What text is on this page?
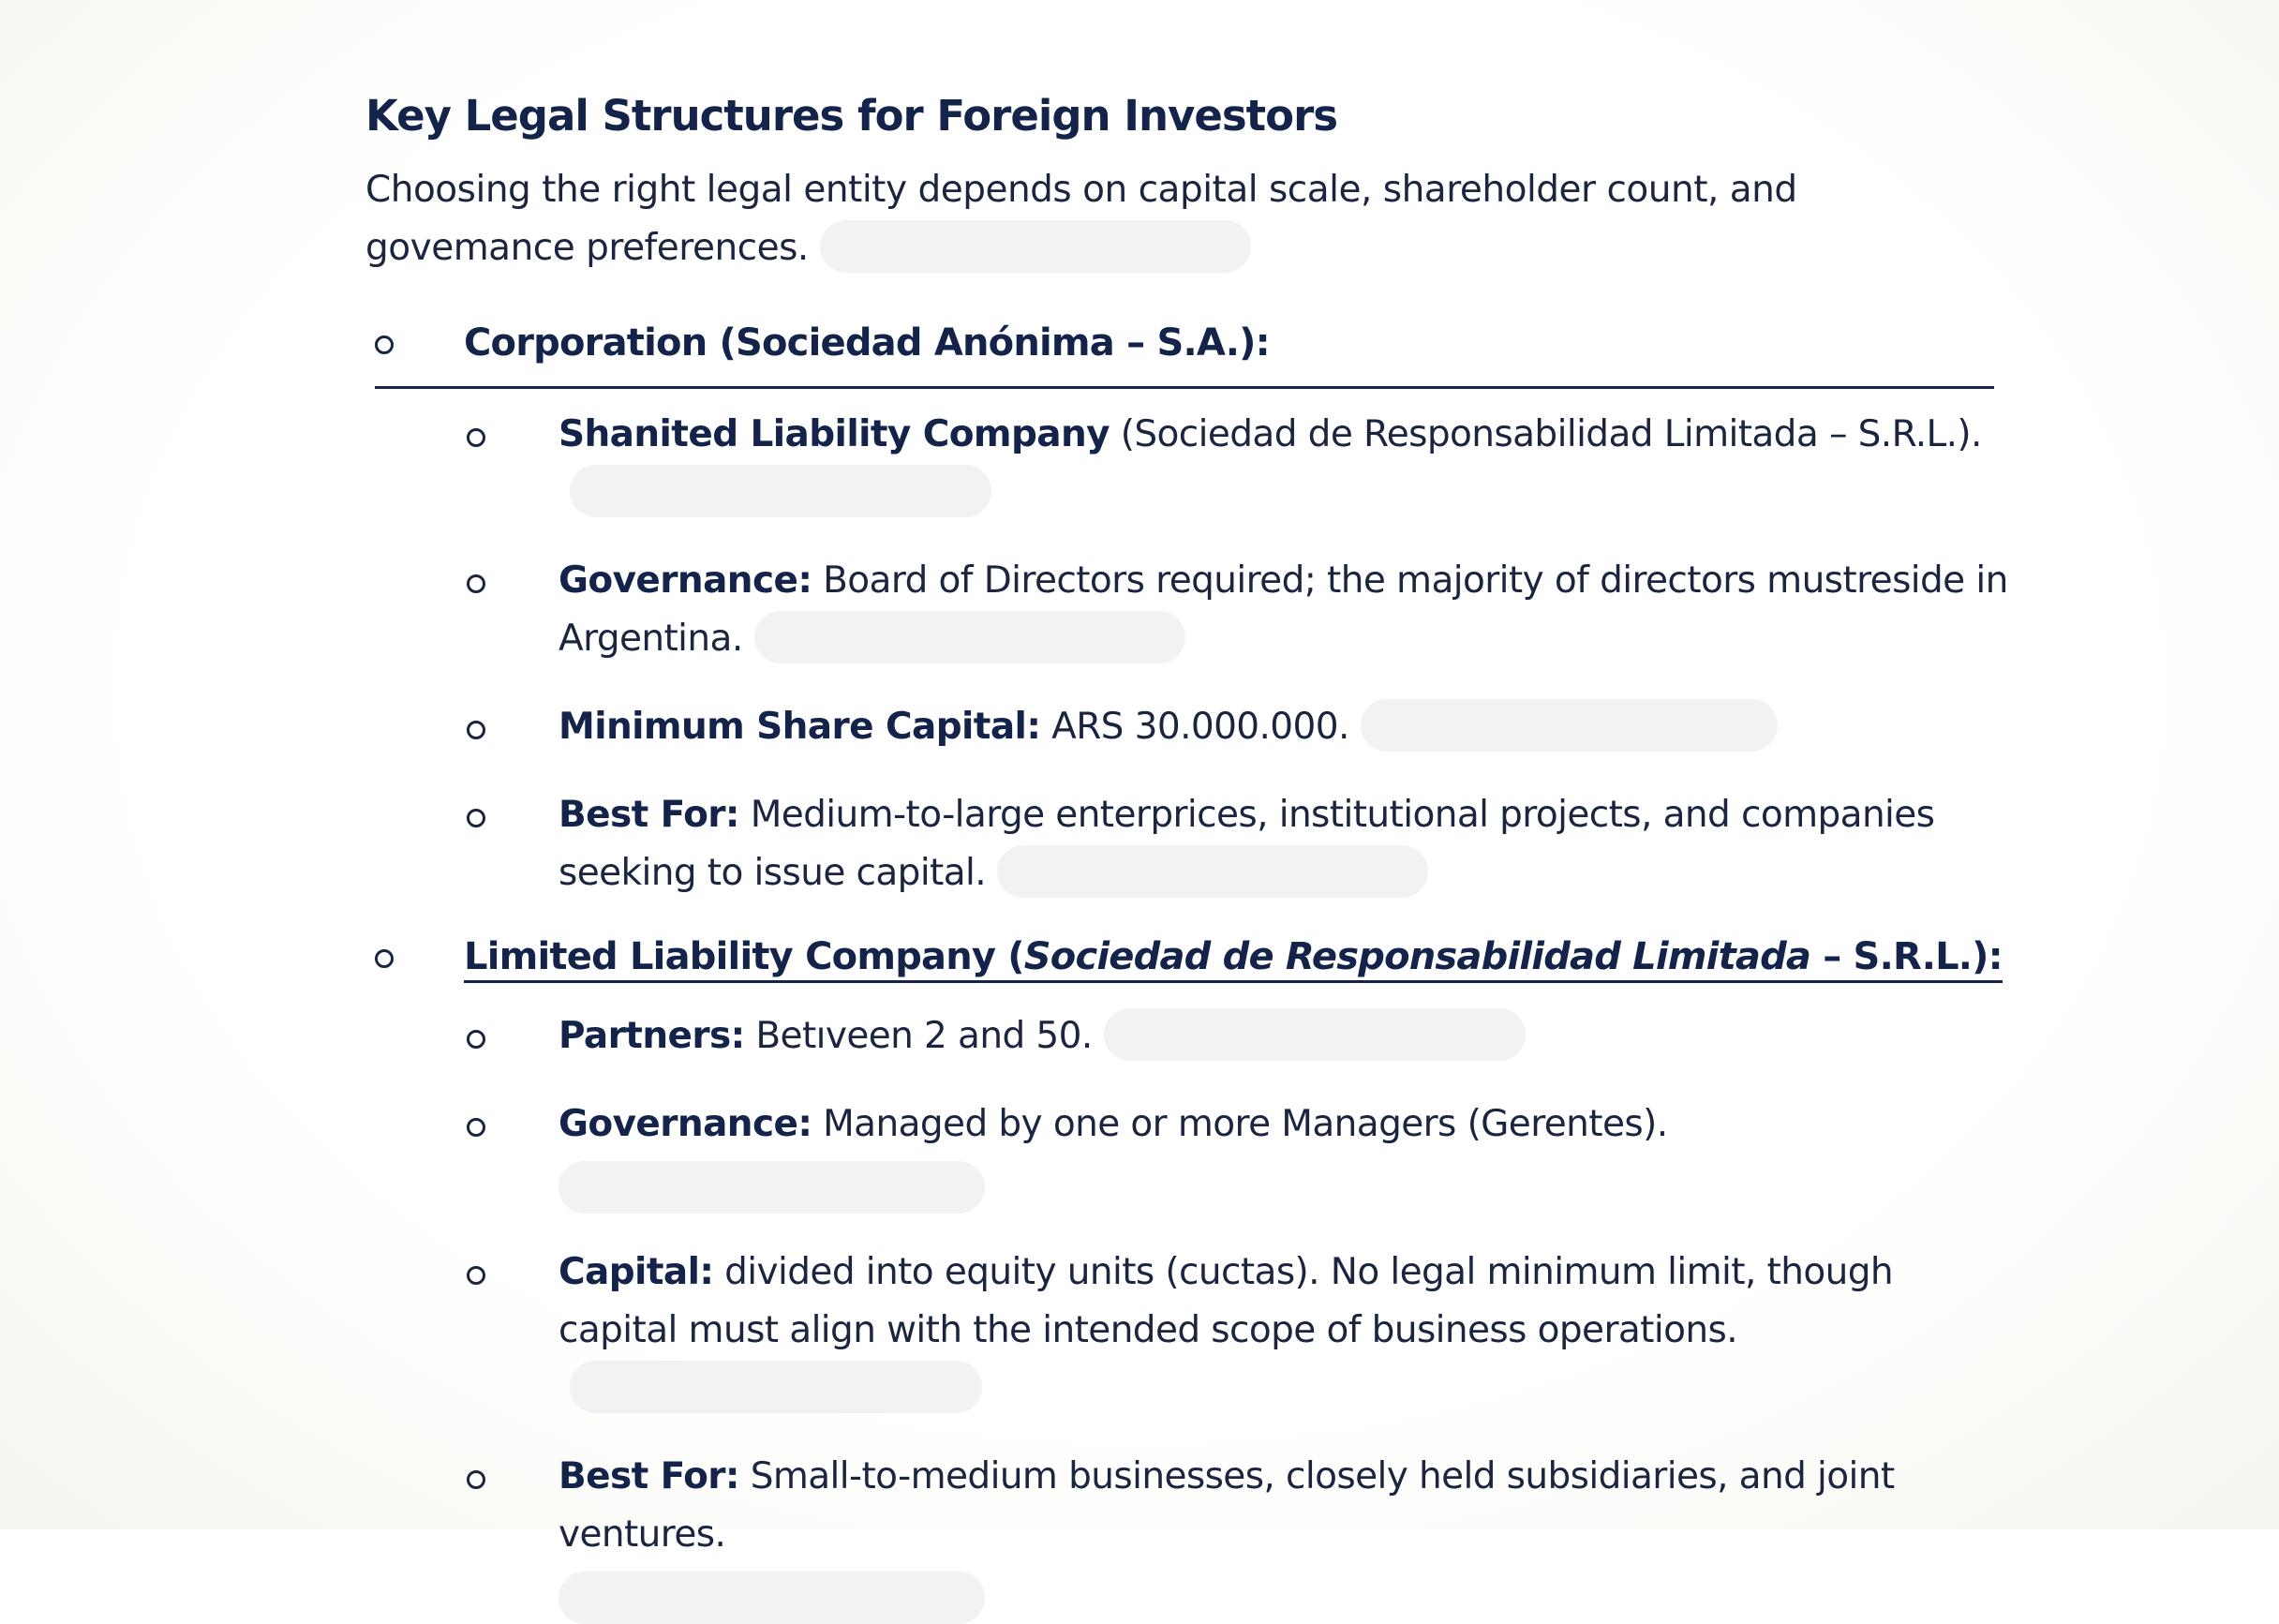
Key Legal Structures for Foreign Investors
Choosing the right legal entity depends on capital scale, shareholder count, and govemance preferences.
Corporation (Sociedad Anónima – S.A.):
Shanited Liability Company (Sociedad de Responsabilidad Limitada – S.R.L.).
Governance: Board of Directors required; the majority of directors mustreside in Argentina.
Minimum Share Capital: ARS 30.000.000.
Best For: Medium-to-large enterprices, institutional projects, and companies seeking to issue capital.
Limited Liability Company (Sociedad de Responsabilidad Limitada – S.R.L.):
Partners: Betıveen 2 and 50.
Governance: Managed by one or more Managers (Gerentes).
Capital: divided into equity units (cuctas). No legal minimum limit, though capital must align with the intended scope of business operations.
Best For: Small-to-medium businesses, closely held subsidiaries, and joint ventures.
